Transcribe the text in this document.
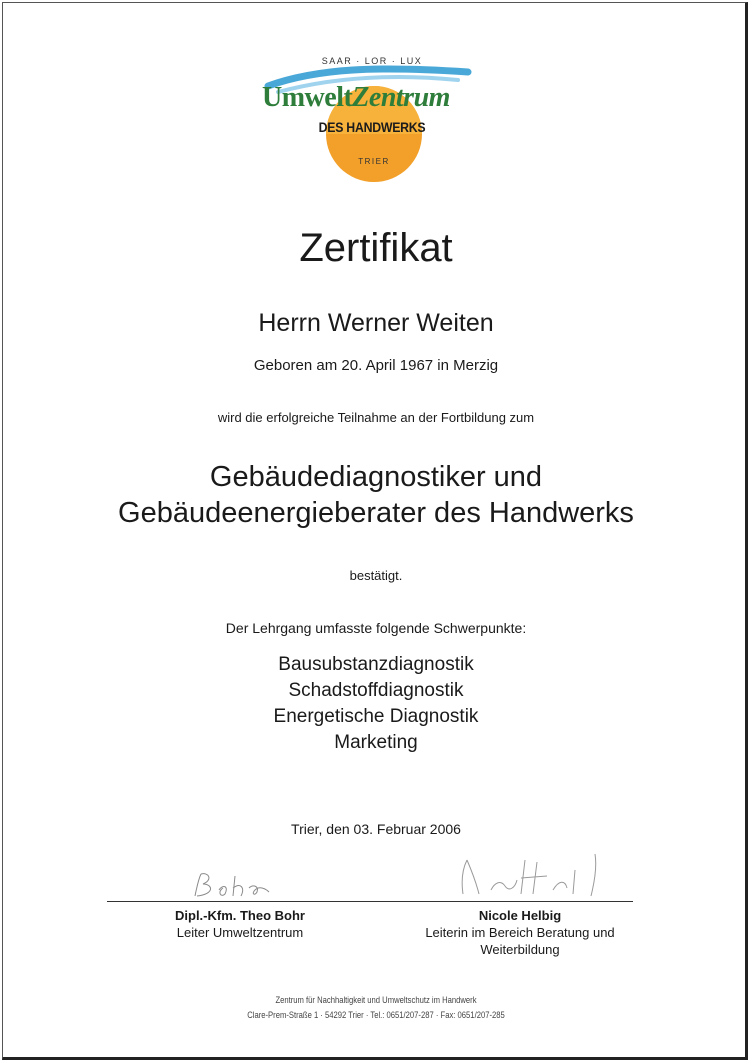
SAAR · LOR · LUX
UmweltZentrum
DES HANDWERKS
TRIER
Zertifikat
Herrn Werner Weiten
Geboren am 20. April 1967 in Merzig
wird die erfolgreiche Teilnahme an der Fortbildung zum
Gebäudediagnostiker und
Gebäudeenergieberater des Handwerks
bestätigt.
Der Lehrgang umfasste folgende Schwerpunkte:
Bausubstanzdiagnostik
Schadstoffdiagnostik
Energetische Diagnostik
Marketing
Trier, den 03. Februar 2006
Dipl.-Kfm. Theo Bohr
Leiter Umweltzentrum
Nicole Helbig
Leiterin im Bereich Beratung und
Weiterbildung
Zentrum für Nachhaltigkeit und Umweltschutz im Handwerk
Clare-Prem-Straße 1 · 54292 Trier · Tel.: 0651/207-287 · Fax: 0651/207-285
